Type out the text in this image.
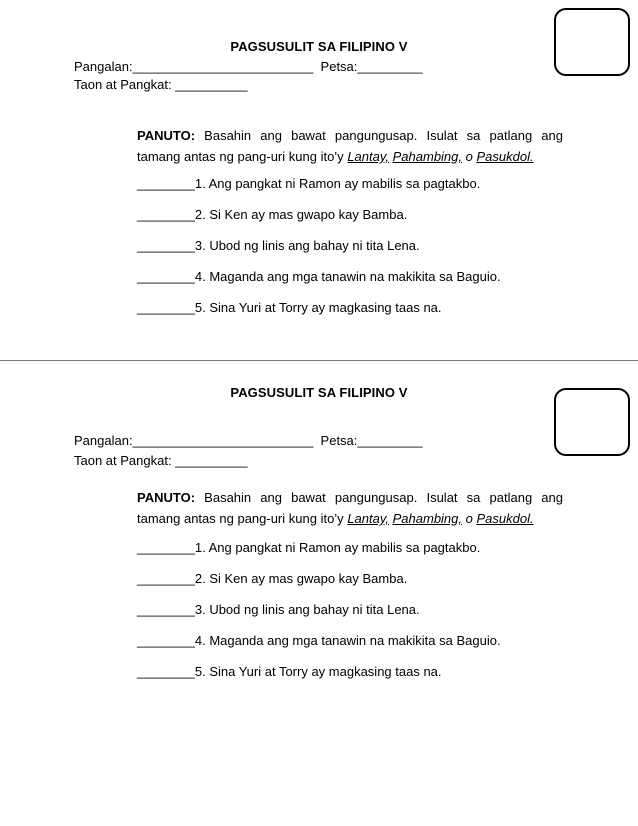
PAGSUSULIT SA FILIPINO V
Pangalan:_________________________ Petsa:_________
Taon at Pangkat: __________
PANUTO: Basahin ang bawat pangungusap. Isulat sa patlang ang tamang antas ng pang-uri kung ito’y Lantay, Pahambing, o Pasukdol.
________1. Ang pangkat ni Ramon ay mabilis sa pagtakbo.
________2. Si Ken ay mas gwapo kay Bamba.
________3. Ubod ng linis ang bahay ni tita Lena.
________4. Maganda ang mga tanawin na makikita sa Baguio.
________5. Sina Yuri at Torry ay magkasing taas na.
PAGSUSULIT SA FILIPINO V
Pangalan:_________________________ Petsa:_________
Taon at Pangkat: __________
PANUTO: Basahin ang bawat pangungusap. Isulat sa patlang ang tamang antas ng pang-uri kung ito’y Lantay, Pahambing, o Pasukdol.
________1. Ang pangkat ni Ramon ay mabilis sa pagtakbo.
________2. Si Ken ay mas gwapo kay Bamba.
________3. Ubod ng linis ang bahay ni tita Lena.
________4. Maganda ang mga tanawin na makikita sa Baguio.
________5. Sina Yuri at Torry ay magkasing taas na.
